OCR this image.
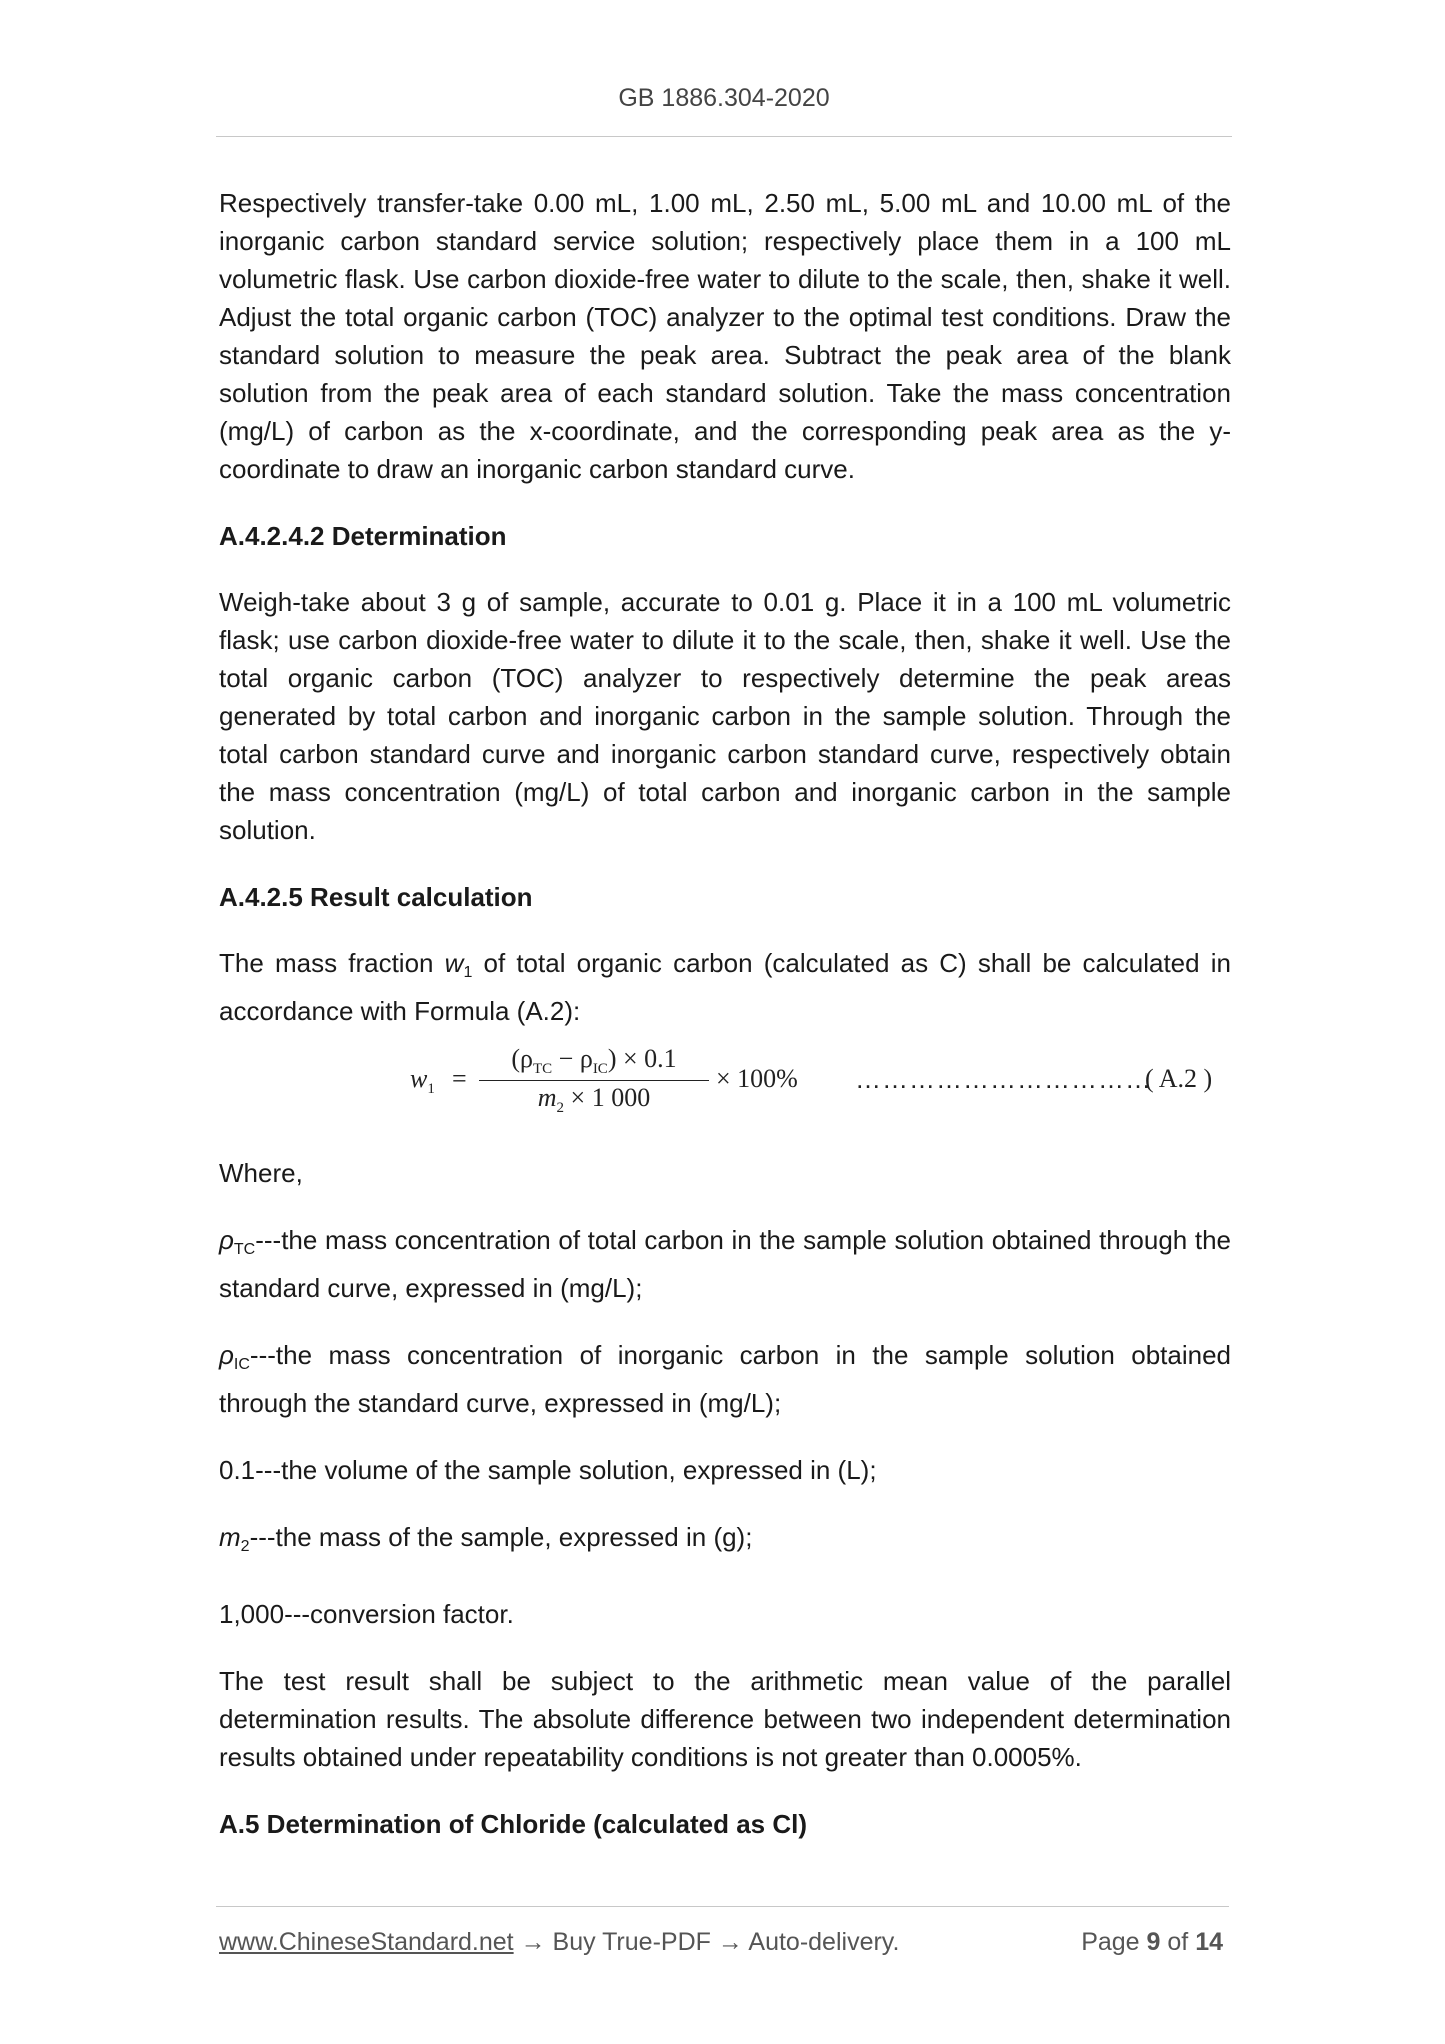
GB 1886.304-2020

Respectively transfer-take 0.00 mL, 1.00 mL, 2.50 mL, 5.00 mL and 10.00 mL of the inorganic carbon standard service solution; respectively place them in a 100 mL volumetric flask. Use carbon dioxide-free water to dilute to the scale, then, shake it well. Adjust the total organic carbon (TOC) analyzer to the optimal test conditions. Draw the standard solution to measure the peak area. Subtract the peak area of the blank solution from the peak area of each standard solution. Take the mass concentration (mg/L) of carbon as the x-coordinate, and the corresponding peak area as the y-coordinate to draw an inorganic carbon standard curve.

A.4.2.4.2 Determination

Weigh-take about 3 g of sample, accurate to 0.01 g. Place it in a 100 mL volumetric flask; use carbon dioxide-free water to dilute it to the scale, then, shake it well. Use the total organic carbon (TOC) analyzer to respectively determine the peak areas generated by total carbon and inorganic carbon in the sample solution. Through the total carbon standard curve and inorganic carbon standard curve, respectively obtain the mass concentration (mg/L) of total carbon and inorganic carbon in the sample solution.

A.4.2.5 Result calculation

The mass fraction $w_1$ of total organic carbon (calculated as C) shall be calculated in accordance with Formula (A.2):

$w_1$ =
$(\rho_{TC} - \rho_{IC}) \times 0.1$
$m_2 \times 1$ 000
× 100% ……………………………
( A.2 )

Where,

$\rho_{TC}--$-the mass concentration of total carbon in the sample solution obtained through the standard curve, expressed in (mg/L);

$\rho_{IC}--$-the mass concentration of inorganic carbon in the sample solution obtained through the standard curve, expressed in (mg/L);

0.1---the volume of the sample solution, expressed in (L);

$m_2--$-the mass of the sample, expressed in (g);

1,000---conversion factor.

The test result shall be subject to the arithmetic mean value of the parallel determination results. The absolute difference between two independent determination results obtained under repeatability conditions is not greater than 0.0005%.

A.5 Determination of Chloride (calculated as Cl)

www.ChineseStandard.net → Buy True-PDF → Auto-delivery.	Page 9 of 14
